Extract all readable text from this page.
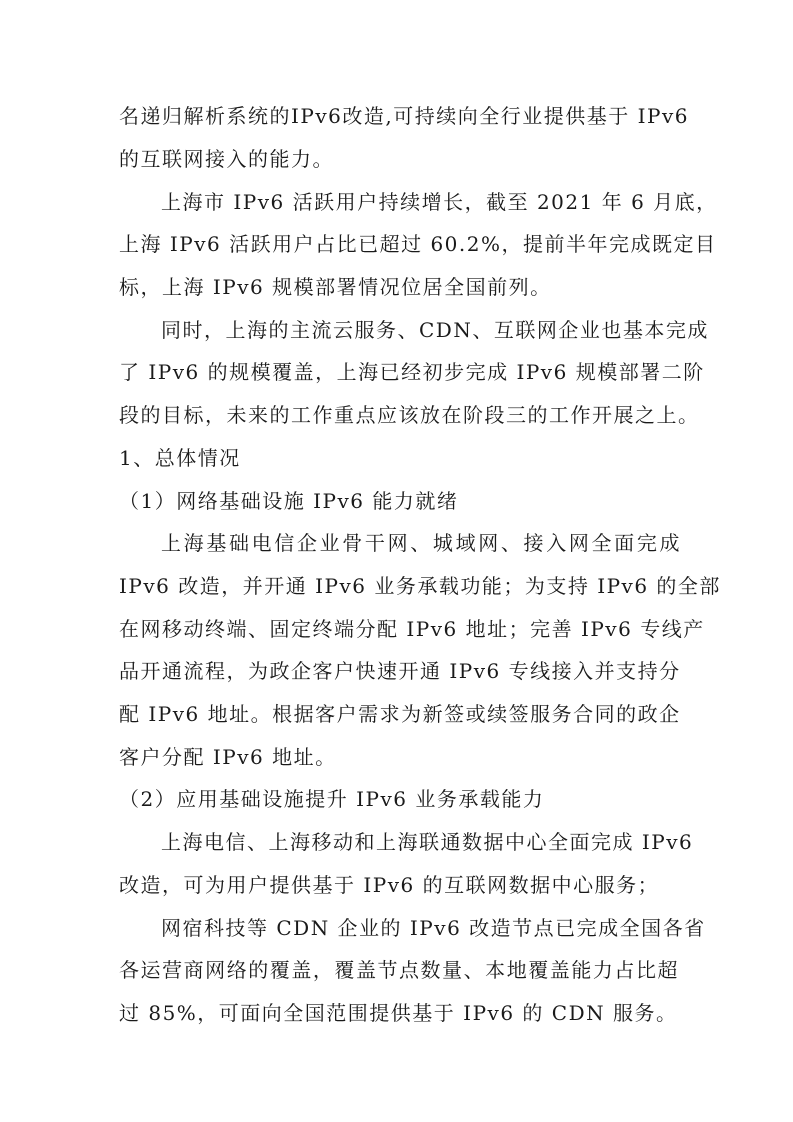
名递归解析系统的IPv6改造,可持续向全行业提供基于 IPv6
的互联网接入的能力。
上海市 IPv6 活跃用户持续增长，截至 2021 年 6 月底，
上海 IPv6 活跃用户占比已超过 60.2%，提前半年完成既定目
标，上海 IPv6 规模部署情况位居全国前列。
同时，上海的主流云服务、CDN、互联网企业也基本完成
了 IPv6 的规模覆盖，上海已经初步完成 IPv6 规模部署二阶
段的目标，未来的工作重点应该放在阶段三的工作开展之上。
1、总体情况
（1）网络基础设施 IPv6 能力就绪
上海基础电信企业骨干网、城域网、接入网全面完成
IPv6 改造，并开通 IPv6 业务承载功能；为支持 IPv6 的全部
在网移动终端、固定终端分配 IPv6 地址；完善 IPv6 专线产
品开通流程，为政企客户快速开通 IPv6 专线接入并支持分
配 IPv6 地址。根据客户需求为新签或续签服务合同的政企
客户分配 IPv6 地址。
（2）应用基础设施提升 IPv6 业务承载能力
上海电信、上海移动和上海联通数据中心全面完成 IPv6
改造，可为用户提供基于 IPv6 的互联网数据中心服务；
网宿科技等 CDN 企业的 IPv6 改造节点已完成全国各省
各运营商网络的覆盖，覆盖节点数量、本地覆盖能力占比超
过 85%，可面向全国范围提供基于 IPv6 的 CDN 服务。
